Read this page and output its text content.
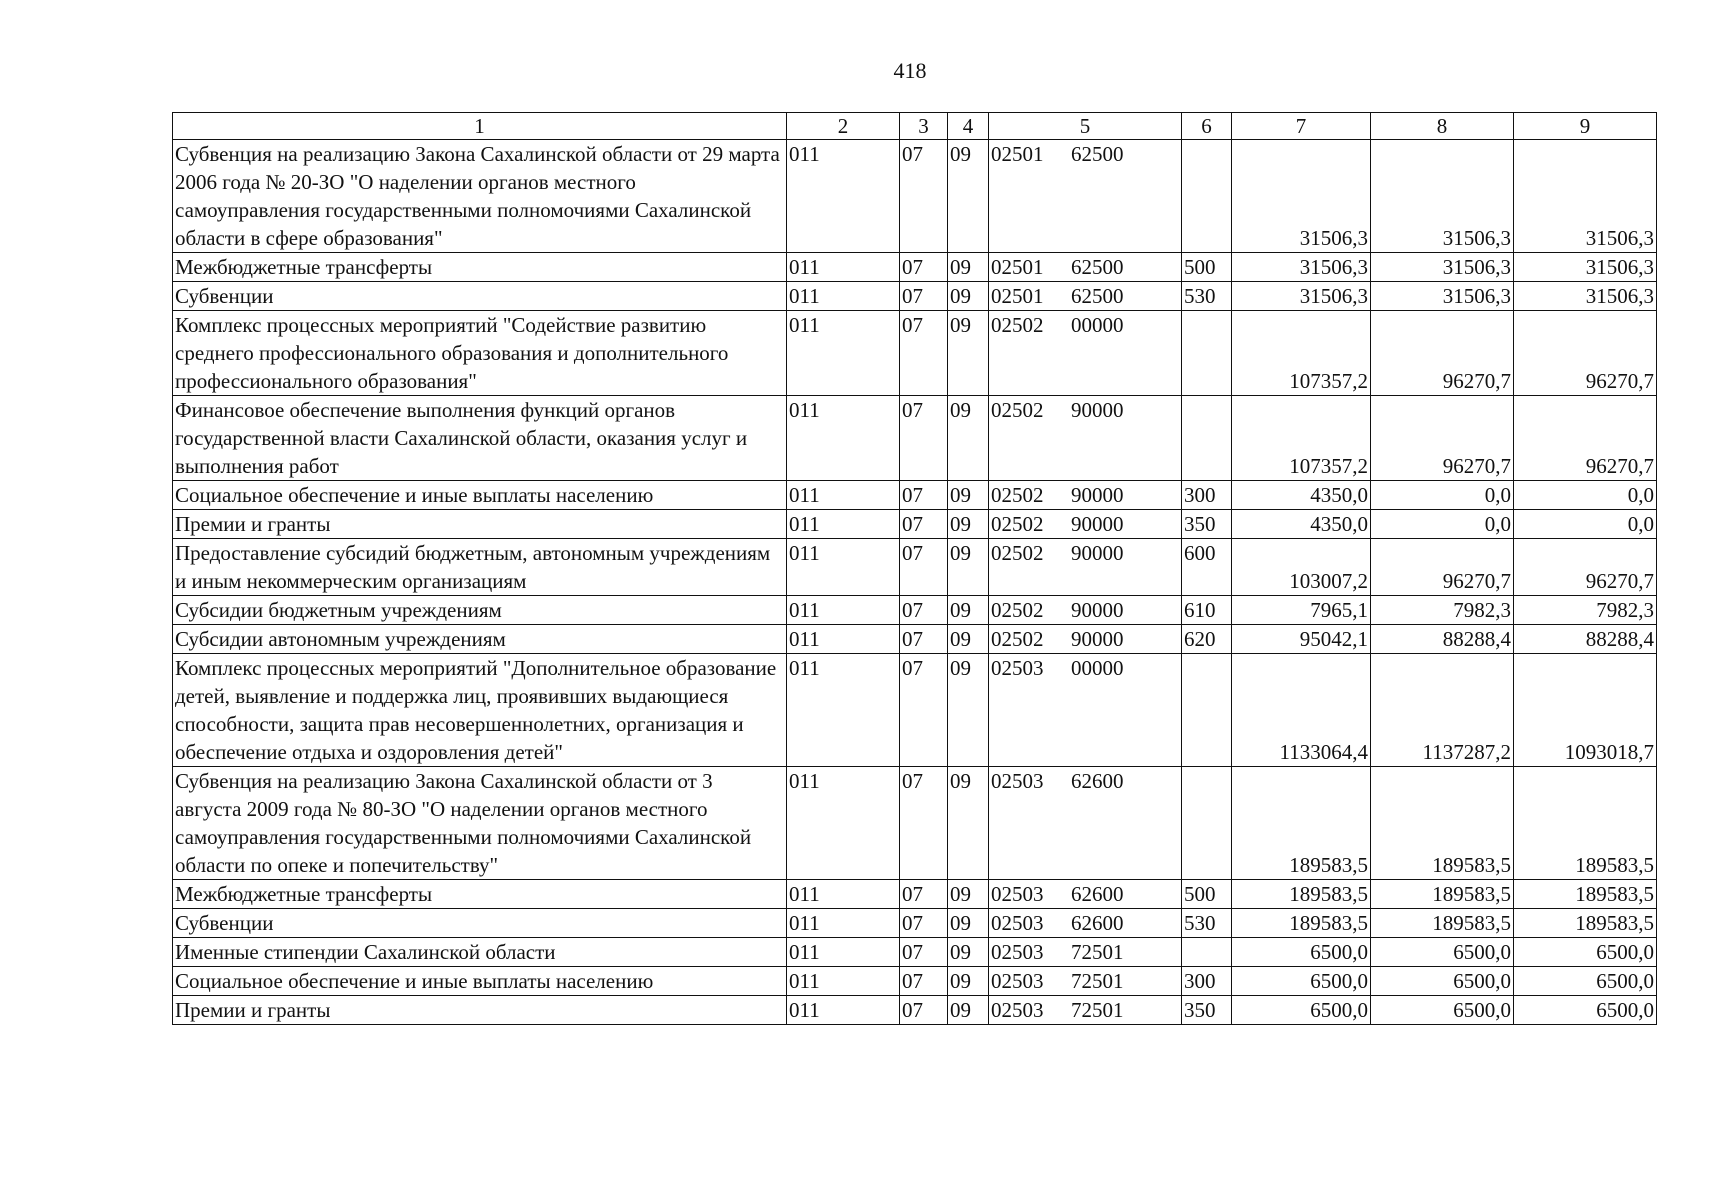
418
1	2	3	4	5	6	7	8	9
Субвенция на реализацию Закона Сахалинской области от 29 марта 2006 года № 20-ЗО "О наделении органов местного самоуправления государственными полномочиями Сахалинской области в сфере образования"	011	07	09	02501 62500		31506,3	31506,3	31506,3
Межбюджетные трансферты	011	07	09	02501 62500	500	31506,3	31506,3	31506,3
Субвенции	011	07	09	02501 62500	530	31506,3	31506,3	31506,3
Комплекс процессных мероприятий "Содействие развитию среднего профессионального образования и дополнительного профессионального образования"	011	07	09	02502 00000		107357,2	96270,7	96270,7
Финансовое обеспечение выполнения функций органов государственной власти Сахалинской области, оказания услуг и выполнения работ	011	07	09	02502 90000		107357,2	96270,7	96270,7
Социальное обеспечение и иные выплаты населению	011	07	09	02502 90000	300	4350,0	0,0	0,0
Премии и гранты	011	07	09	02502 90000	350	4350,0	0,0	0,0
Предоставление субсидий бюджетным, автономным учреждениям и иным некоммерческим организациям	011	07	09	02502 90000	600	103007,2	96270,7	96270,7
Субсидии бюджетным учреждениям	011	07	09	02502 90000	610	7965,1	7982,3	7982,3
Субсидии автономным учреждениям	011	07	09	02502 90000	620	95042,1	88288,4	88288,4
Комплекс процессных мероприятий "Дополнительное образование детей, выявление и поддержка лиц, проявивших выдающиеся способности, защита прав несовершеннолетних, организация и обеспечение отдыха и оздоровления детей"	011	07	09	02503 00000		1133064,4	1137287,2	1093018,7
Субвенция на реализацию Закона Сахалинской области от 3 августа 2009 года № 80-ЗО "О наделении органов местного самоуправления государственными полномочиями Сахалинской области по опеке и попечительству"	011	07	09	02503 62600		189583,5	189583,5	189583,5
Межбюджетные трансферты	011	07	09	02503 62600	500	189583,5	189583,5	189583,5
Субвенции	011	07	09	02503 62600	530	189583,5	189583,5	189583,5
Именные стипендии Сахалинской области	011	07	09	02503 72501		6500,0	6500,0	6500,0
Социальное обеспечение и иные выплаты населению	011	07	09	02503 72501	300	6500,0	6500,0	6500,0
Премии и гранты	011	07	09	02503 72501	350	6500,0	6500,0	6500,0
